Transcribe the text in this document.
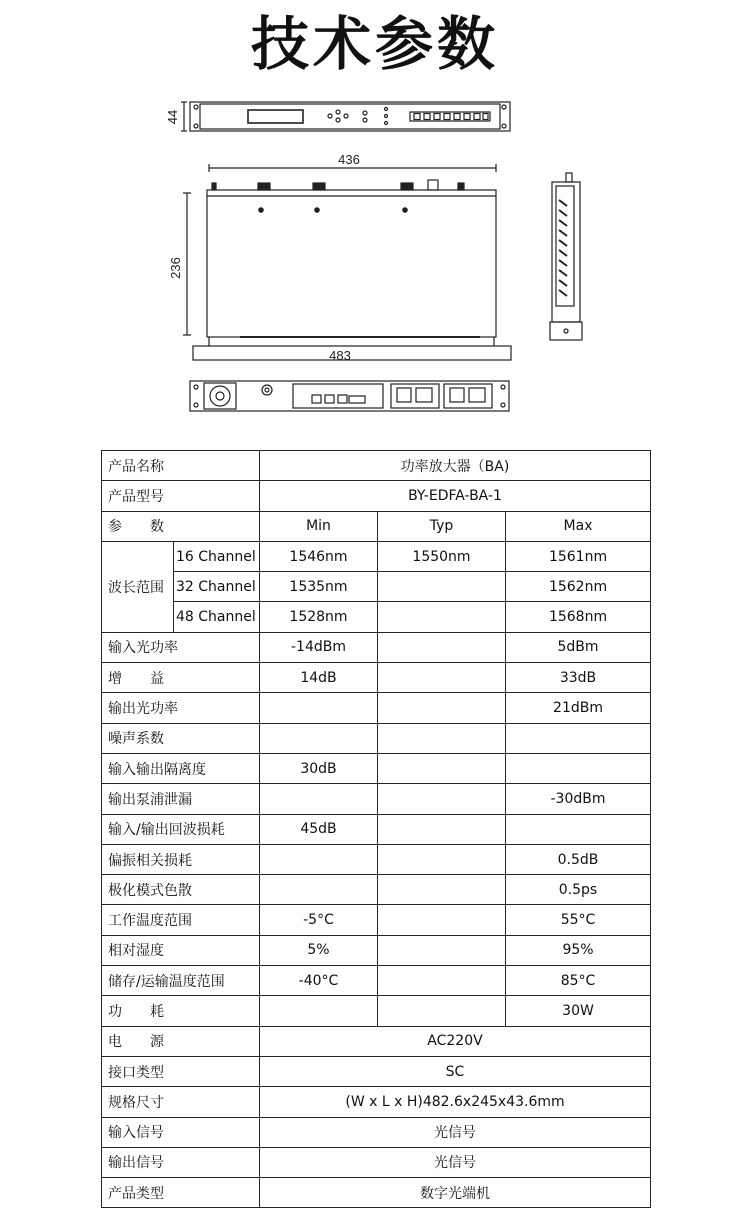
技术参数
44
436
236
483
产品名称		功率放大器（BA)		
产品型号		BY-EDFA-BA-1		
参　　数		Min	Typ	Max
波长范围	16 Channel	1546nm	1550nm	1561nm
	32 Channel	1535nm		1562nm
	48 Channel	1528nm		1568nm
输入光功率		-14dBm		5dBm
增　　益		14dB		33dB
输出光功率				21dBm
噪声系数				
输入输出隔离度		30dB		
输出泵浦泄漏				-30dBm
输入/输出回波损耗		45dB		
偏振相关损耗				0.5dB
极化模式色散				0.5ps
工作温度范围		-5°C		55°C
相对湿度		5%		95%
储存/运输温度范围		-40°C		85°C
功　　耗				30W
电　　源		AC220V		
接口类型		SC		
规格尺寸		(W x L x H)482.6x245x43.6mm		
输入信号		光信号		
输出信号		光信号		
产品类型		数字光端机		
